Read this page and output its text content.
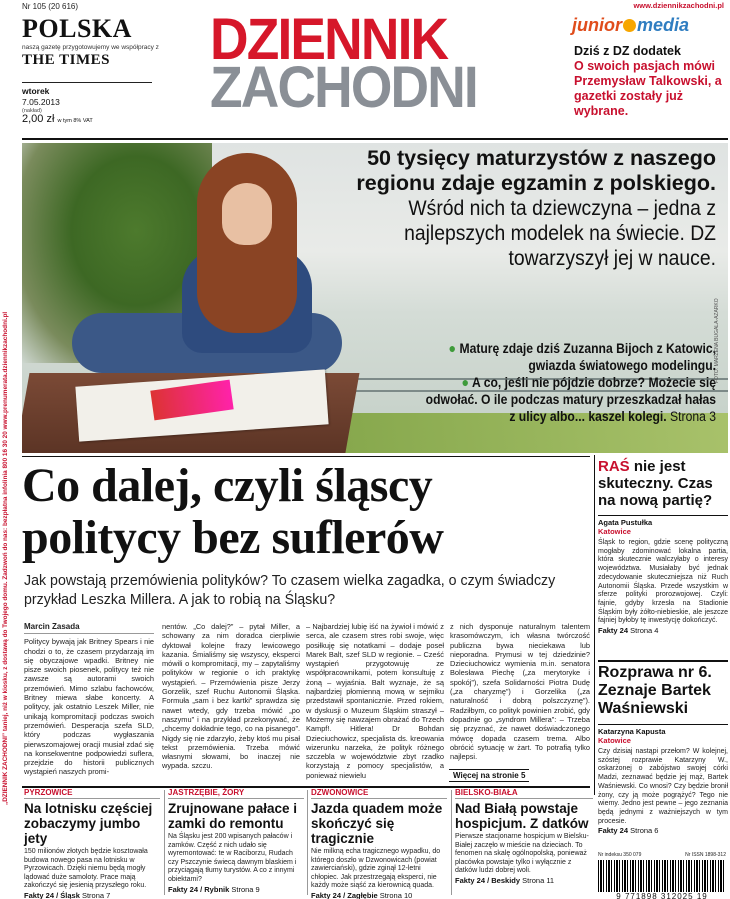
„DZIENNIK ZACHODNI” taniej, niż w kiosku, z dostawą do Twojego domu. Zadzwoń do nas: bezpłatna infolinia 800 16 30 20 www.prenumerata.dziennikzachodni.pl
Nr 105 (20 616)
POLSKA
naszą gazetę przygotowujemy we współpracy z
THE TIMES
wtorek
7.05.2013
(nakład)
2,00 zł w tym 8% VAT
DZIENNIK
ZACHODNI
www.dziennikzachodni.pl
junior media
Dziś z DZ dodatek
O swoich pasjach mówi Przemysław Talkowski, a gazetki zostały już wybrane.
50 tysięcy maturzystów z naszego regionu zdaje egzamin z polskiego.
Wśród nich ta dziewczyna – jedna z najlepszych modelek na świecie. DZ towarzyszył jej w nauce.
● Maturę zdaje dziś Zuzanna Bijoch z Katowic, gwiazda światowego modelingu.
● A co, jeśli nie pójdzie dobrze? Możecie się odwołać. O ile podczas matury przeszkadzał hałas z ulicy albo... kaszel kolegi. Strona 3
FOTO: MARZENA BUGALA-AZARKO
Co dalej, czyli śląscy politycy bez suflerów
Jak powstają przemówienia polityków? To czasem wielka zagadka, o czym świadczy przykład Leszka Millera. A jak to robią na Śląsku?
Marcin Zasada

Politycy bywają jak Britney Spears i nie chodzi o to, że czasem przydarzają im się obyczajowe wpadki. Britney nie pisze swoich piosenek, politycy też nie zawsze są autorami swoich przemówień. Mimo szlabu fachowców, Britney miewa słabe koncerty. A politycy, jak ostatnio Leszek Miller, nie unikają kompromitacji podczas swoich przemówień. Desperacja szefa SLD, który podczas wygłaszania pierwszomajowej oracji musiał zdać się na konsekwentne podpowiedzi suflera, przejdzie do historii publicznych wystąpień naszych promi-

nentów. „Co dalej?” – pytał Miller, a schowany za nim doradca cierpliwie dyktował kolejne frazy lewicowego kazania. Śmialiśmy się wszyscy, eksperci mówili o kompromitacji, my – zapytaliśmy polityków w regionie o ich praktykę wystąpień. – Przemówienia pisze Jerzy Gorzelik, szef Ruchu Autonomii Śląska. Formuła „sam i bez kartki” sprawdza się nawet wtedy, gdy trzeba mówić „po naszymu” i na przykład przekonywać, że „chcemy dokładnie tego, co na pisanego”. Nigdy się nie zdarzyło, żeby ktoś mu pisał tekst przemówienia. Trzeba mówić własnymi słowami, bo inaczej nie wypada. szczu.

– Najbardziej lubię iść na żywioł i mówić z serca, ale czasem stres robi swoje, więc posiłkuję się notatkami – dodaje poseł Marek Balt, szef SLD w regionie. – Cześć wystąpień przygotowuję ze współpracownikami, potem konsultuję z żoną – wyjaśnia. Balt wyznaje, że są najbardziej płomienną mową w sejmiku przedstawił spontanicznie. Przed rokiem, w dyskusji o Muzeum Śląskim straszył – Możemy się nawzajem obrażać do Trzech Kampf!. Hitlera! Dr Bohdan Dzieciuchowicz, specjalista ds. kreowania wizerunku narzeka, że polityk różnego szczebla w województwie zbyt rzadko korzystają z pomocy specjalistów, a ponieważ niewielu

z nich dysponuje naturalnym talentem krasomówczym, ich własna twórczość publiczna bywa nieciekawa lub nieporadna. Prymusi w tej dziedzinie? Dzieciuchowicz wymienia m.in. senatora Bolesława Piechę („za merytoryke i spokój”), szefa Solidarności Piotra Dudę („za charyzmę”) i Gorzelika („za naturalność i dobrą polszczyznę”). Radziłbym, co polityk powinien zrobić, gdy dopadnie go „syndrom Millera”: – Trzeba się przyznać, że nawet doświadczonego mówcę dopada czasem trema. Albo obrócić sytuację w żart. To potrafią tylko najlepsi.

Więcej na stronie 5
RAŚ nie jest skuteczny. Czas na nową partię?
Agata Pustułka
Katowice
Śląsk to region, gdzie scenę polityczną mogłaby zdominować lokalna partia, która skutecznie walczyłaby o interesy województwa. Musiałaby być jednak zdecydowanie skuteczniejsza niż Ruch Autonomii Śląska. Przede wszystkim w sferze polityki prorozwojowej. Czyli: fajnie, gdyby krzesła na Stadionie Śląskim były żółto-niebieskie, ale jeszcze fajniej byłoby tę inwestycję dokończyć.
Fakty 24 Strona 4
Rozprawa nr 6. Zeznaje Bartek Waśniewski
Katarzyna Kapusta
Katowice
Czy dzisiaj nastąpi przełom? W kolejnej, szóstej rozprawie Katarzyny W., oskarżonej o zabójstwo swojej córki Madzi, zeznawać będzie jej mąż, Bartek Waśniewski. Co wnosi? Czy będzie bronił żony, czy ją może pogrążyć? Tego nie wiemy. Jedno jest pewne – jego zeznania będą jednymi z ważniejszych w tym procesie.
Fakty 24 Strona 6
PYRZOWICE
Na lotnisku częściej zobaczymy jumbo jety
150 milionów złotych będzie kosztowała budowa nowego pasa na lotnisku w Pyrzowicach. Dzięki niemu będą mogły lądować duże samoloty. Prace mają zakończyć się jesienią przyszłego roku.
Fakty 24 / Śląsk Strona 7
JASTRZĘBIE, ŻORY
Zrujnowane pałace i zamki do remontu
Na Śląsku jest 200 wpisanych pałaców i zamków. Część z nich udało się wyremontować: te w Raciborzu, Rudach czy Pszczynie świecą dawnym blaskiem i przyciągają tłumy turystów. A co z innymi obiektami?
Fakty 24 / Rybnik Strona 9
DZWONOWICE
Jazda quadem może skończyć się tragicznie
Nie milkną echa tragicznego wypadku, do którego doszło w Dzwonowicach (powiat zawierciański), gdzie zginął 12-letni chłopiec. Jak przestrzegają eksperci, nie każdy może siąść za kierownicą quada.
Fakty 24 / Zagłębie Strona 10
BIELSKO-BIAŁA
Nad Białą powstaje hospicjum. Z datków
Pierwsze stacjonarne hospicjum w Bielsku-Białej zaczęło w mieście na dzieciach. To fenomen na skalę ogólnopolską, ponieważ placówka powstaje tylko i wyłącznie z datków ludzi dobrej woli.
Fakty 24 / Beskidy Strona 11
Nr indeksu 350 079	Nr ISSN 1898-312
9 771898 312025 19
